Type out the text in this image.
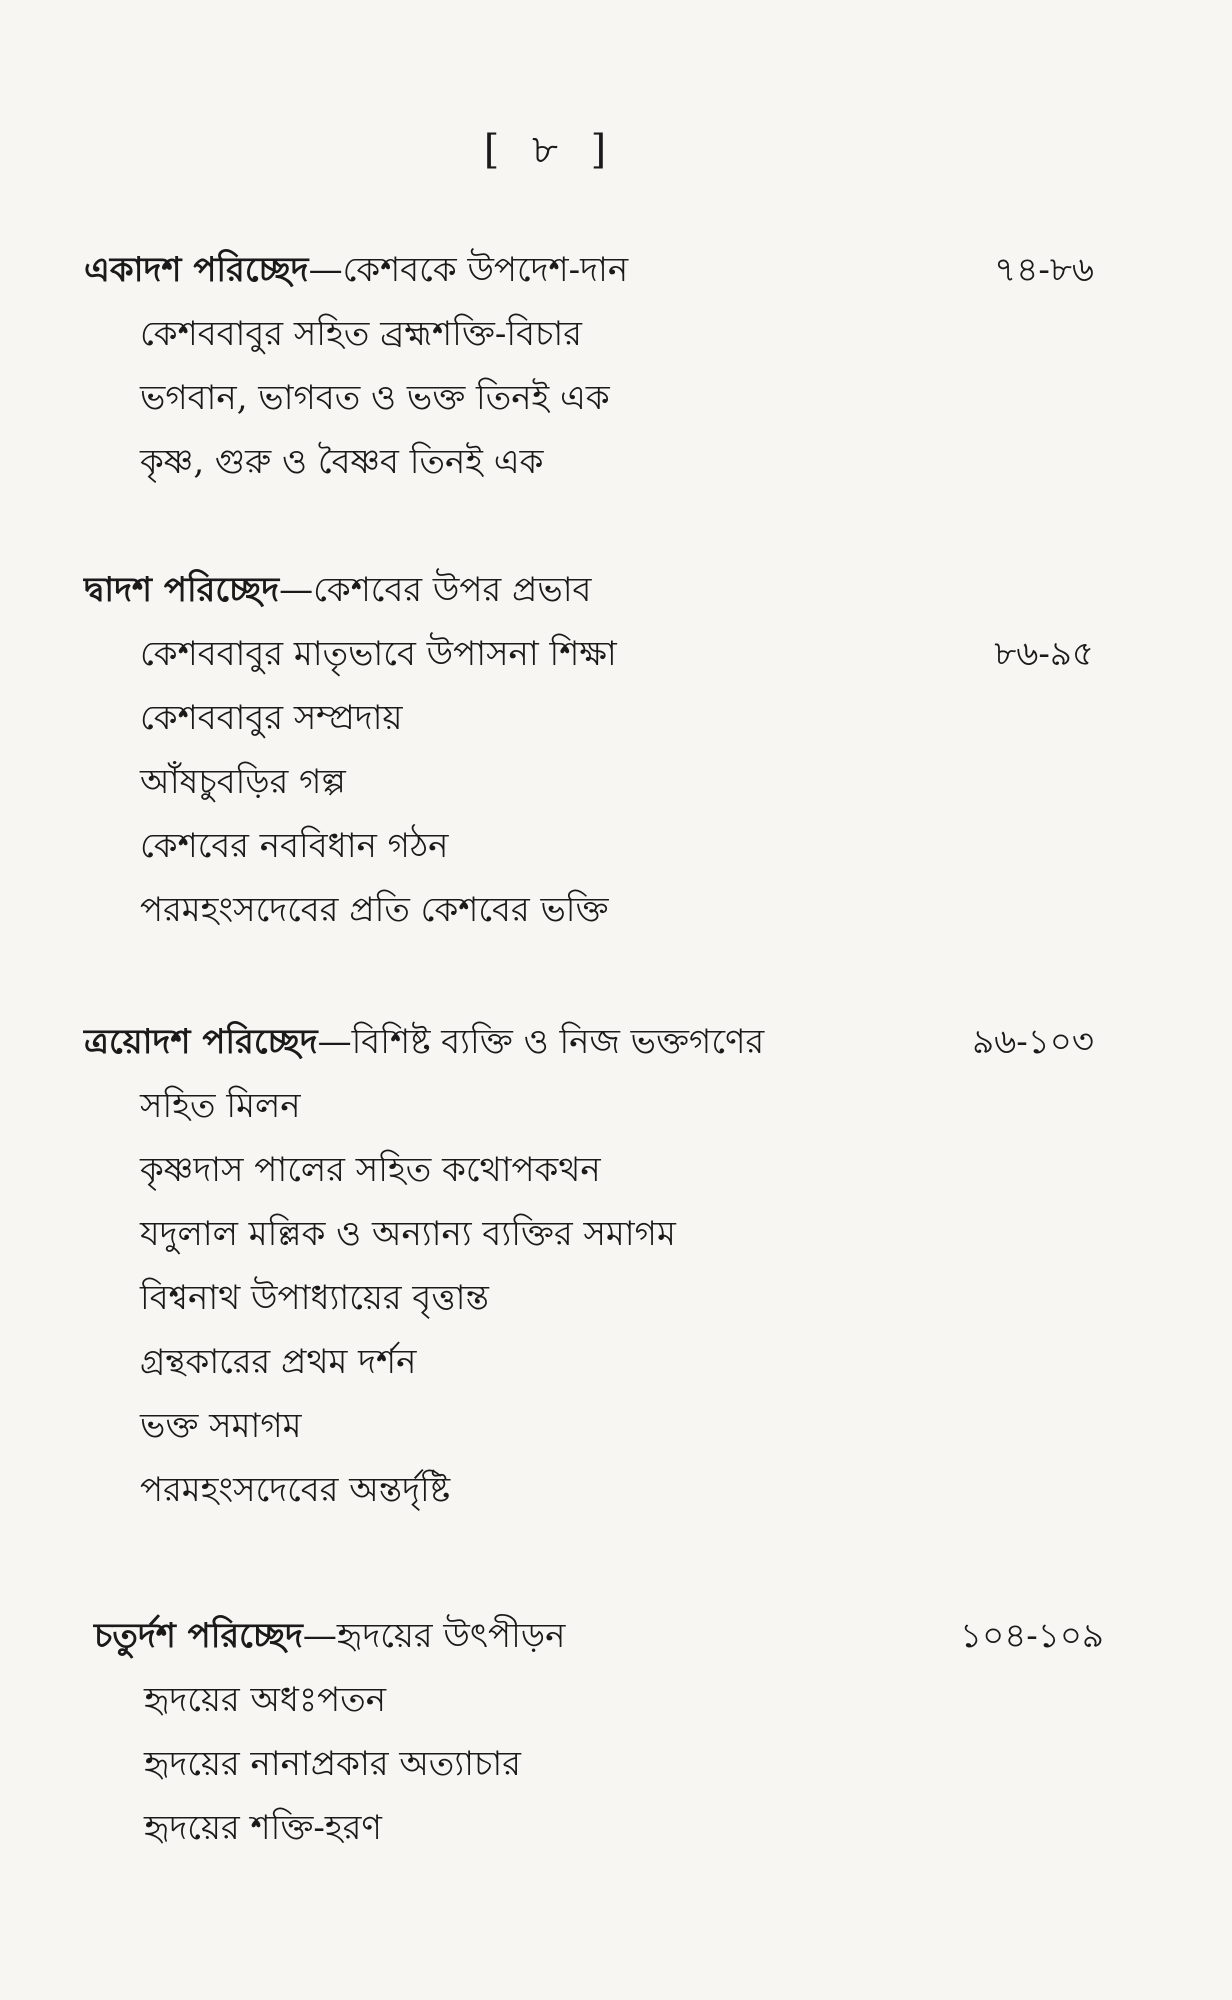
[ ৮ ]
একাদশ পরিচ্ছেদ—কেশবকে উপদেশ-দান	৭৪-৮৬
কেশববাবুর সহিত ব্রহ্মশক্তি-বিচার
ভগবান, ভাগবত ও ভক্ত তিনই এক
কৃষ্ণ, গুরু ও বৈষ্ণব তিনই এক
দ্বাদশ পরিচ্ছেদ—কেশবের উপর প্রভাব
কেশববাবুর মাতৃভাবে উপাসনা শিক্ষা	৮৬-৯৫
কেশববাবুর সম্প্রদায়
আঁষচুবড়ির গল্প
কেশবের নববিধান গঠন
পরমহংসদেবের প্রতি কেশবের ভক্তি
ত্রয়োদশ পরিচ্ছেদ—বিশিষ্ট ব্যক্তি ও নিজ ভক্তগণের	৯৬-১০৩
সহিত মিলন
কৃষ্ণদাস পালের সহিত কথোপকথন
যদুলাল মল্লিক ও অন্যান্য ব্যক্তির সমাগম
বিশ্বনাথ উপাধ্যায়ের বৃত্তান্ত
গ্রন্থকারের প্রথম দর্শন
ভক্ত সমাগম
পরমহংসদেবের অন্তর্দৃষ্টি
চতুর্দশ পরিচ্ছেদ—হৃদয়ের উৎপীড়ন	১০৪-১০৯
হৃদয়ের অধঃপতন
হৃদয়ের নানাপ্রকার অত্যাচার
হৃদয়ের শক্তি-হরণ
